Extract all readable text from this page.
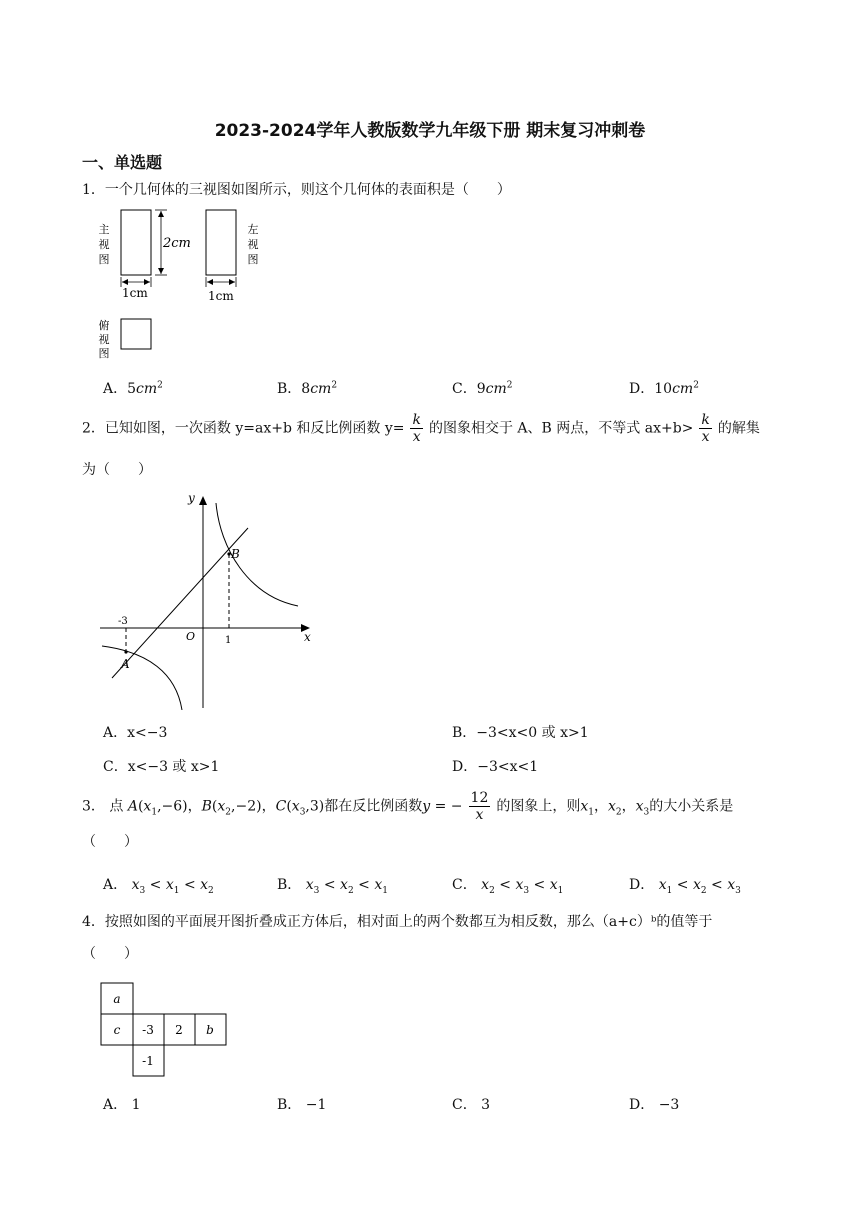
2023-2024学年人教版数学九年级下册 期末复习冲刺卷
一、单选题
1．一个几何体的三视图如图所示，则这个几何体的表面积是（　　）
主
视
图
2cm
1cm
左
视
图
1cm
俯
视
图
A．$5cm^2$	B．$8cm^2$	C．$9cm^2$	D．$10cm^2$
2．已知如图，一次函数 y=ax+b 和反比例函数 $y= \frac{k}{x}$ 的图象相交于 A、B 两点，不等式 $ax+b> \frac{k}{x}$ 的解集
为（　　）
y
x
O
-3
1
B
A
A．x<−3	B．−3<x<0 或 x>1
C．x<−3 或 x>1	D．−3<x<1
3． 点 $A(x_1,-6)$，$B(x_2,-2)$，$C(x_3,3)$都在反比例函数y = − $\frac{12}{x}$ 的图象上，则$x_1$，$x_2$，$x_3$的大小关系是
（　　）
A． $x_3 < x_1 < x_2$	B． $x_3 < x_2 < x_1$	C． $x_2 < x_3 < x_1$	D． $x_1 < x_2 < x_3$
4．按照如图的平面展开图折叠成正方体后，相对面上的两个数都互为相反数，那么（a+c）ᵇ的值等于
（　　）
a
c -3 2 b
-1
A． 1	B． −1	C． 3	D． −3
